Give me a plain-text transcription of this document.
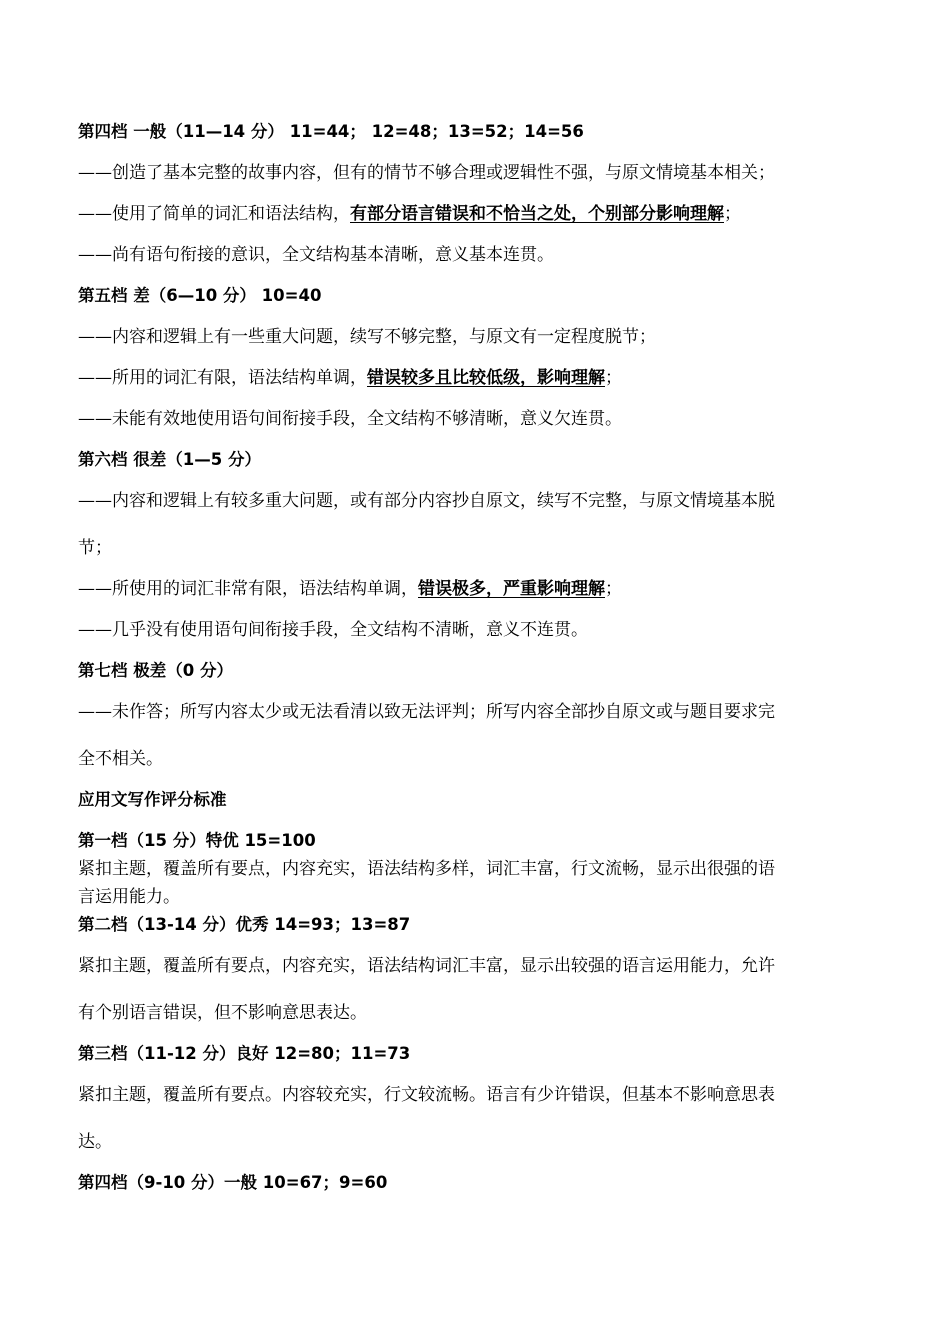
第四档 一般（11—14 分） 11=44； 12=48；13=52；14=56
——创造了基本完整的故事内容，但有的情节不够合理或逻辑性不强，与原文情境基本相关；
——使用了简单的词汇和语法结构，有部分语言错误和不恰当之处，个别部分影响理解；
——尚有语句衔接的意识，全文结构基本清晰，意义基本连贯。
第五档 差（6—10 分） 10=40
——内容和逻辑上有一些重大问题，续写不够完整，与原文有一定程度脱节；
——所用的词汇有限，语法结构单调，错误较多且比较低级，影响理解；
——未能有效地使用语句间衔接手段，全文结构不够清晰，意义欠连贯。
第六档 很差（1—5 分）
——内容和逻辑上有较多重大问题，或有部分内容抄自原文，续写不完整，与原文情境基本脱
节；
——所使用的词汇非常有限，语法结构单调，错误极多，严重影响理解；
——几乎没有使用语句间衔接手段，全文结构不清晰，意义不连贯。
第七档 极差（0 分）
——未作答；所写内容太少或无法看清以致无法评判；所写内容全部抄自原文或与题目要求完
全不相关。
应用文写作评分标准
第一档（15 分）特优 15=100
紧扣主题，覆盖所有要点，内容充实，语法结构多样，词汇丰富，行文流畅，显示出很强的语
言运用能力。
第二档（13-14 分）优秀 14=93；13=87
紧扣主题，覆盖所有要点，内容充实，语法结构词汇丰富，显示出较强的语言运用能力，允许
有个别语言错误，但不影响意思表达。
第三档（11-12 分）良好 12=80；11=73
紧扣主题，覆盖所有要点。内容较充实，行文较流畅。语言有少许错误，但基本不影响意思表
达。
第四档（9-10 分）一般 10=67；9=60
